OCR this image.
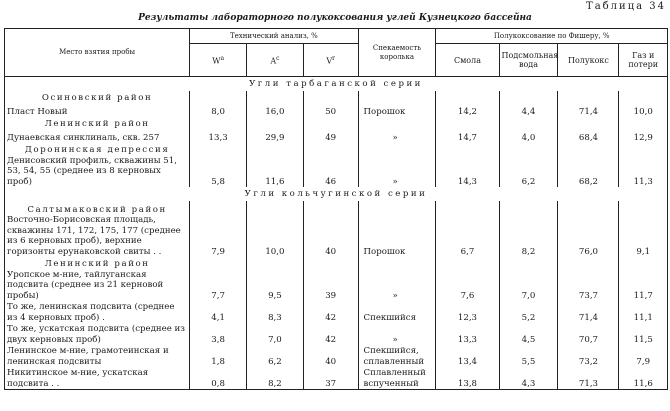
Таблица 34
Результаты лабораторного полукоксования углей Кузнецкого бассейна
Место взятия пробы	Технический анализ, %			Спекаемость королька	Полукоксование по Фишеру, %			
	$W^a$	$A^c$	$V^r$		Смола	Подсмольная вода	Полукокс	Газ и потери
Угли тарбаганской серии								
Осиновский район								
Пласт Новый	8,0	16,0	50	Порошок	14,2	4,4	71,4	10,0
Ленинский район								
Дунаевская синклиналь, скв. 257	13,3	29,9	49	»	14,7	4,0	68,4	12,9
Доронинская депрессия								
Денисовский профиль, скважины 51, 53, 54, 55 (среднее из 8 керновых проб)	5,8	11,6	46	»	14,3	6,2	68,2	11,3
Угли кольчугинской серии								
Салтымаковский район								
Восточно-Борисовская площадь, скважины 171, 172, 175, 177 (среднее из 6 керновых проб), верхние горизонты ерунаковской свиты . .	7,9	10,0	40	Порошок	6,7	8,2	76,0	9,1
Ленинский район								
Уропское м-ние, тайлуганская подсвита (среднее из 21 керновой пробы)	7,7	9,5	39	»	7,6	7,0	73,7	11,7
То же, ленинская подсвита (среднее из 4 керновых проб) .	4,1	8,3	42	Спекшийся	12,3	5,2	71,4	11,1
То же, ускатская подсвита (среднее из двух керновых проб)	3,8	7,0	42	»	13,3	4,5	70,7	11,5
Ленинское м-ние, грамотеинская и ленинская подсвиты	1,8	6,2	40	Спекшийся, сплавленный	13,4	5,5	73,2	7,9
Никитинское м-ние, ускатская подсвита . .	0,8	8,2	37	Сплавленный вспученный	13,8	4,3	71,3	11,6
